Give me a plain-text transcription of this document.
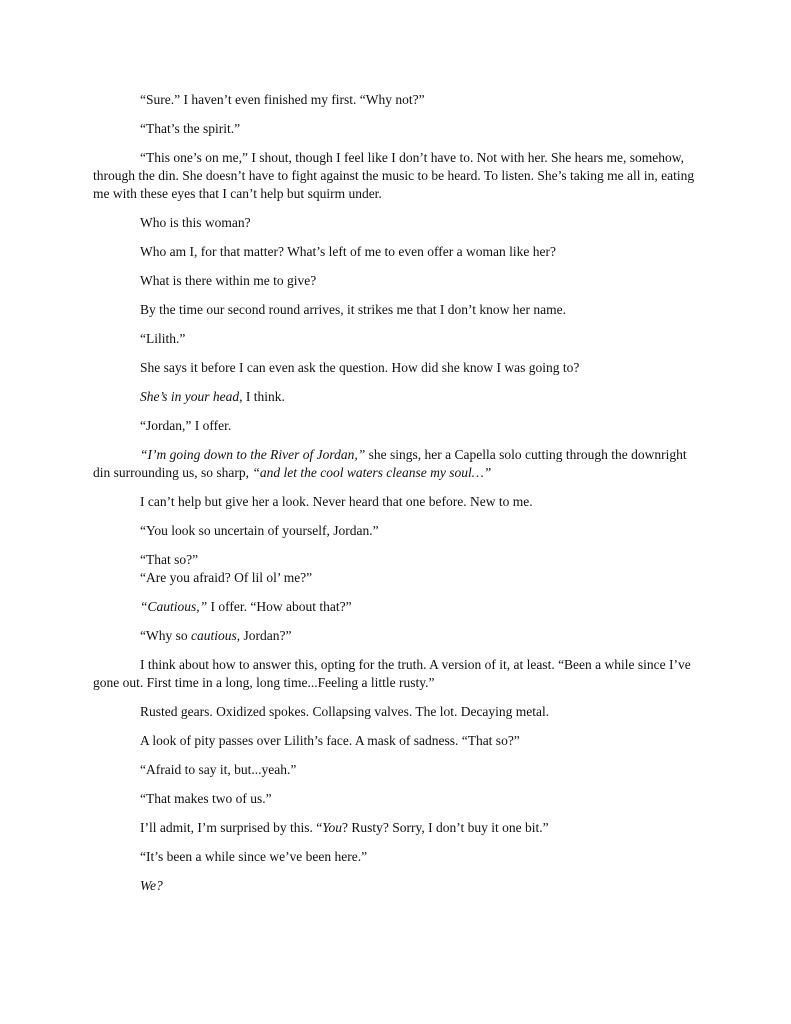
“Sure.” I haven’t even finished my first. “Why not?”

“That’s the spirit.”

“This one’s on me,” I shout, though I feel like I don’t have to. Not with her. She hears me, somehow, through the din. She doesn’t have to fight against the music to be heard. To listen. She’s taking me all in, eating me with these eyes that I can’t help but squirm under.

Who is this woman?

Who am I, for that matter? What’s left of me to even offer a woman like her?

What is there within me to give?

By the time our second round arrives, it strikes me that I don’t know her name.

“Lilith.”

She says it before I can even ask the question. How did she know I was going to?

She’s in your head, I think.

“Jordan,” I offer.

“I’m going down to the River of Jordan,” she sings, her a Capella solo cutting through the downright din surrounding us, so sharp, “and let the cool waters cleanse my soul…”

I can’t help but give her a look. Never heard that one before. New to me.

“You look so uncertain of yourself, Jordan.”

“That so?”

“Are you afraid? Of lil ol’ me?”

“Cautious,” I offer. “How about that?”

“Why so cautious, Jordan?”

I think about how to answer this, opting for the truth. A version of it, at least. “Been a while since I’ve gone out. First time in a long, long time...Feeling a little rusty.”

Rusted gears. Oxidized spokes. Collapsing valves. The lot. Decaying metal.

A look of pity passes over Lilith’s face. A mask of sadness. “That so?”

“Afraid to say it, but...yeah.”

“That makes two of us.”

I’ll admit, I’m surprised by this. “You? Rusty? Sorry, I don’t buy it one bit.”

“It’s been a while since we’ve been here.”

We?
